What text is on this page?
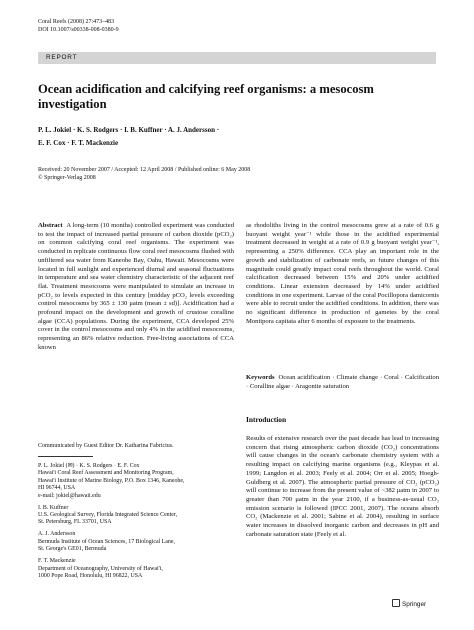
Coral Reefs (2008) 27:473–483
DOI 10.1007/s00338-008-0380-9
REPORT
Ocean acidification and calcifying reef organisms: a mesocosm investigation
P. L. Jokiel · K. S. Rodgers · I. B. Kuffner · A. J. Andersson ·
E. F. Cox · F. T. Mackenzie
Received: 20 November 2007 / Accepted: 12 April 2008 / Published online: 6 May 2008
© Springer-Verlag 2008

Abstract A long-term (10 months) controlled experiment was conducted to test the impact of increased partial pressure of carbon dioxide (pCO₂) on common calcifying coral reef organisms. The experiment was conducted in replicate continuous flow coral reef mesocosms flushed with unfiltered sea water from Kaneohe Bay, Oahu, Hawaii. Mesocosms were located in full sunlight and experienced diurnal and seasonal fluctuations in temperature and sea water chemistry characteristic of the adjacent reef flat. Treatment mesocosms were manipulated to simulate an increase in pCO₂ to levels expected in this century [midday pCO₂ levels exceeding control mesocosms by 365 ± 130 μatm (mean ± sd)]. Acidification had a profound impact on the development and growth of crustose coralline algae (CCA) populations. During the experiment, CCA developed 25% cover in the control mesocosms and only 4% in the acidified mesocosms, representing an 86% relative reduction. Free-living associations of CCA known

Communicated by Guest Editor Dr. Katharina Fabricius.
P. L. Jokiel (✉) · K. S. Rodgers · E. F. Cox
Hawai'i Coral Reef Assessment and Monitoring Program,
Hawai'i Institute of Marine Biology, P.O. Box 1346, Kaneohe,
HI 96744, USA
e-mail: jokiel@hawaii.edu
I. B. Kuffner
U.S. Geological Survey, Florida Integrated Science Center,
St. Petersburg, FL 33701, USA
A. J. Andersson
Bermuda Institute of Ocean Sciences, 17 Biological Lane,
St. George's GE01, Bermuda
F. T. Mackenzie
Department of Oceanography, University of Hawai'i,
1000 Pope Road, Honolulu, HI 96822, USA

as rhodoliths living in the control mesocosms grew at a rate of 0.6 g buoyant weight year⁻¹ while those in the acidified experimental treatment decreased in weight at a rate of 0.9 g buoyant weight year⁻¹, representing a 250% difference. CCA play an important role in the growth and stabilization of carbonate reefs, so future changes of this magnitude could greatly impact coral reefs throughout the world. Coral calcification decreased between 15% and 20% under acidified conditions. Linear extension decreased by 14% under acidified conditions in one experiment. Larvae of the coral Pocillopora damicornis were able to recruit under the acidified conditions. In addition, there was no significant difference in production of gametes by the coral Montipora capitata after 6 months of exposure to the treatments.

Keywords Ocean acidification · Climate change · Coral · Calcification · Coralline algae · Aragonite saturation

Introduction

Results of extensive research over the past decade has lead to increasing concern that rising atmospheric carbon dioxide (CO₂) concentrations will cause changes in the ocean's carbonate chemistry system with a resulting impact on calcifying marine organisms (e.g., Kleypas et al. 1999; Langdon et al. 2003; Feely et al. 2004; Orr et al. 2005; Hoegh-Guldberg et al. 2007). The atmospheric partial pressure of CO₂ (pCO₂) will continue to increase from the present value of ~382 μatm in 2007 to greater than 700 μatm in the year 2100, if a business-as-usual CO₂ emission scenario is followed (IPCC 2001, 2007). The oceans absorb CO₂ (Mackenzie et al. 2001; Sabine et al. 2004), resulting in surface water increases in dissolved inorganic carbon and decreases in pH and carbonate saturation state (Feely et al.

Springer
